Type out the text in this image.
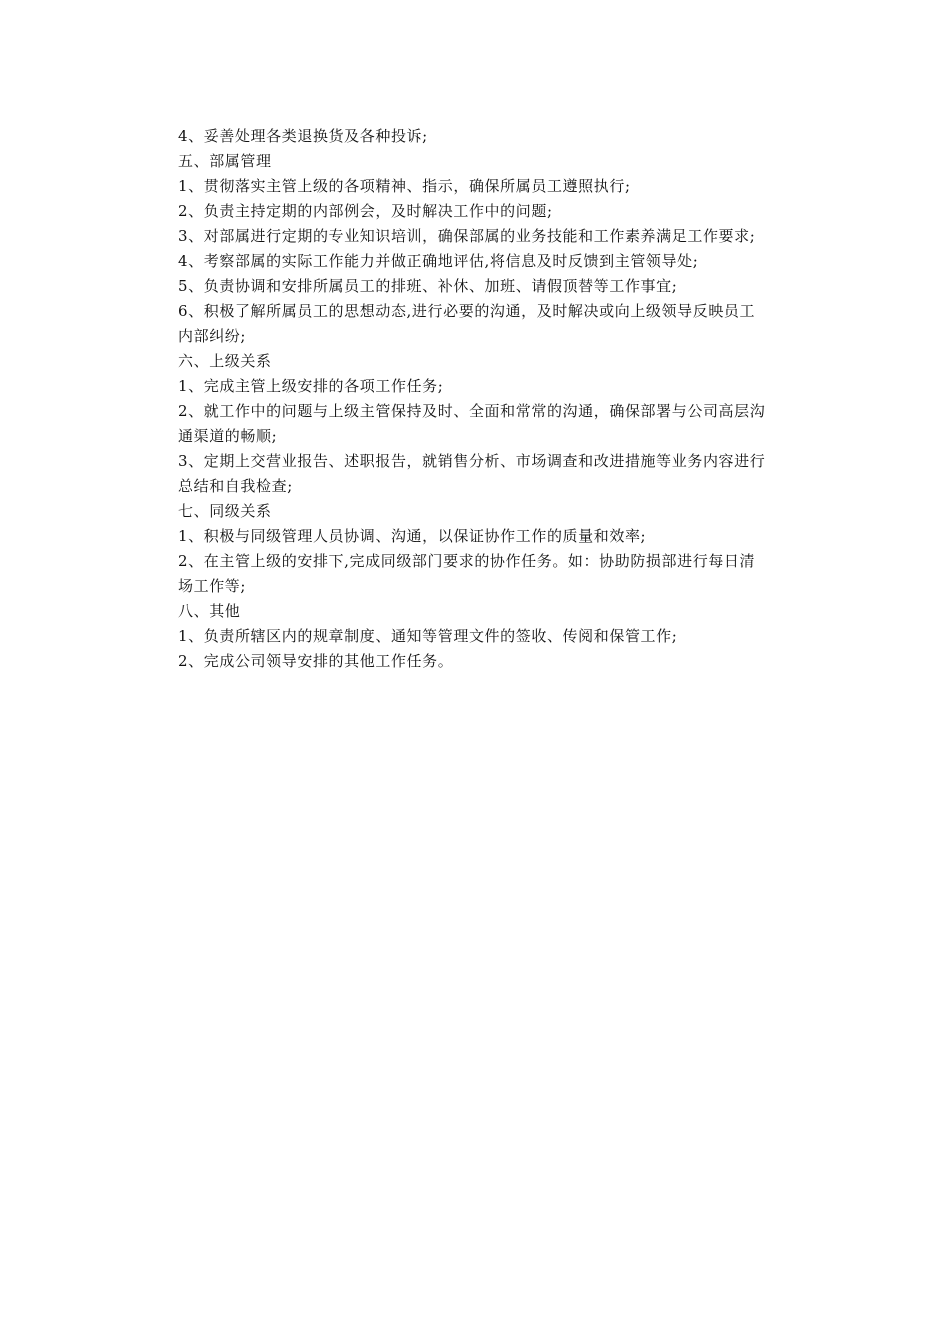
4、妥善处理各类退换货及各种投诉;
五、部属管理
1、贯彻落实主管上级的各项精神、指示，确保所属员工遵照执行;
2、负责主持定期的内部例会，及时解决工作中的问题;
3、对部属进行定期的专业知识培训，确保部属的业务技能和工作素养满足工作要求;
4、考察部属的实际工作能力并做正确地评估,将信息及时反馈到主管领导处;
5、负责协调和安排所属员工的排班、补休、加班、请假顶替等工作事宜;
6、积极了解所属员工的思想动态,进行必要的沟通，及时解决或向上级领导反映员工
内部纠纷;
六、上级关系
1、完成主管上级安排的各项工作任务;
2、就工作中的问题与上级主管保持及时、全面和常常的沟通，确保部署与公司高层沟
通渠道的畅顺;
3、定期上交营业报告、述职报告，就销售分析、市场调查和改进措施等业务内容进行
总结和自我检查;
七、同级关系
1、积极与同级管理人员协调、沟通，以保证协作工作的质量和效率;
2、在主管上级的安排下,完成同级部门要求的协作任务。如：协助防损部进行每日清
场工作等;
八、其他
1、负责所辖区内的规章制度、通知等管理文件的签收、传阅和保管工作;
2、完成公司领导安排的其他工作任务。
